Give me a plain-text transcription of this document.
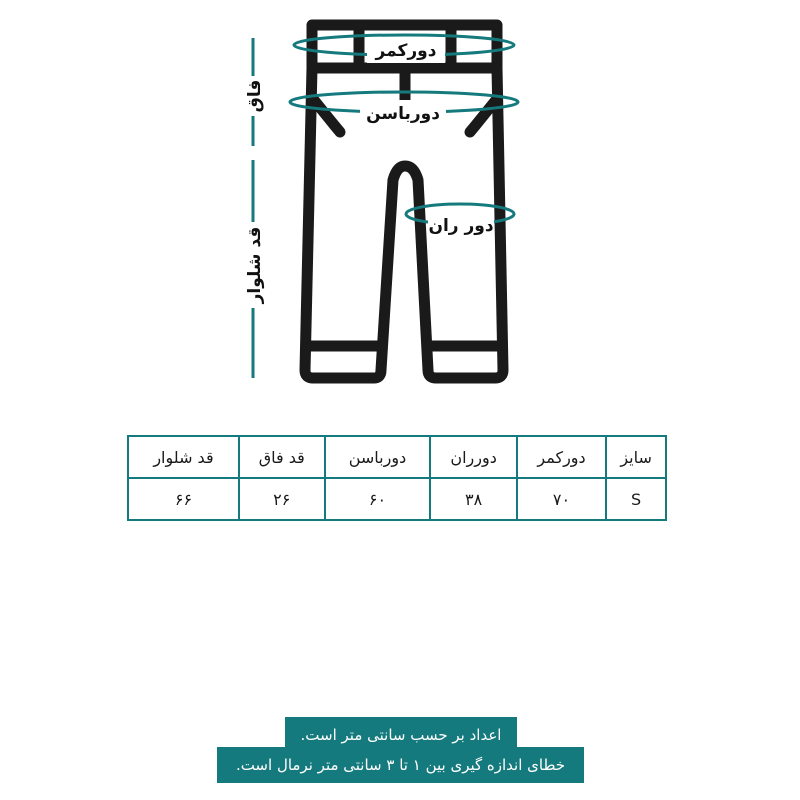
دورکمر
دورباسن
دور ران
فاق
قد شلوار
سایز	دورکمر	دورران	دورباسن	قد فاق	قد شلوار
S	۷۰	۳۸	۶۰	۲۶	۶۶
اعداد بر حسب سانتی متر است.
خطای اندازه گیری بین ۱ تا ۳ سانتی متر نرمال است.
